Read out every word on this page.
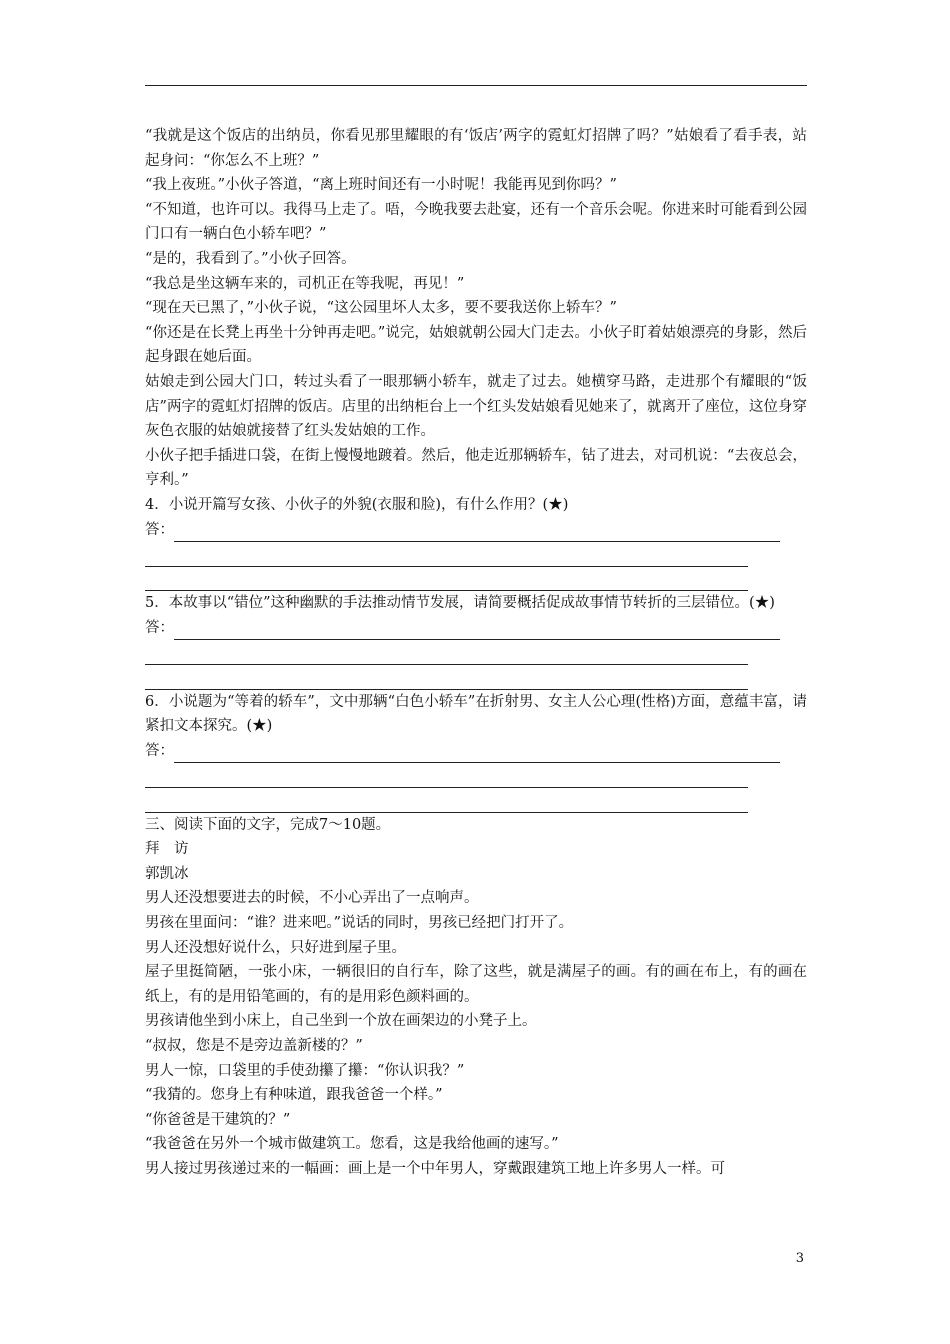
“我就是这个饭店的出纳员，你看见那里耀眼的有‘饭店’两字的霓虹灯招牌了吗？”姑娘看了看手表，站起身问：“你怎么不上班？”

“我上夜班。”小伙子答道，“离上班时间还有一小时呢！我能再见到你吗？”

“不知道，也许可以。我得马上走了。唔，今晚我要去赴宴，还有一个音乐会呢。你进来时可能看到公园门口有一辆白色小轿车吧？”

“是的，我看到了。”小伙子回答。

“我总是坐这辆车来的，司机正在等我呢，再见！”

“现在天已黑了，”小伙子说，“这公园里坏人太多，要不要我送你上轿车？”

“你还是在长凳上再坐十分钟再走吧。”说完，姑娘就朝公园大门走去。小伙子盯着姑娘漂亮的身影，然后起身跟在她后面。

姑娘走到公园大门口，转过头看了一眼那辆小轿车，就走了过去。她横穿马路，走进那个有耀眼的“饭店”两字的霓虹灯招牌的饭店。店里的出纳柜台上一个红头发姑娘看见她来了，就离开了座位，这位身穿灰色衣服的姑娘就接替了红头发姑娘的工作。

小伙子把手插进口袋，在街上慢慢地踱着。然后，他走近那辆轿车，钻了进去，对司机说：“去夜总会，亨利。”

4．小说开篇写女孩、小伙子的外貌(衣服和脸)，有什么作用？(★)

答：

5．本故事以“错位”这种幽默的手法推动情节发展，请简要概括促成故事情节转折的三层错位。(★)

答：

6．小说题为“等着的轿车”，文中那辆“白色小轿车”在折射男、女主人公心理(性格)方面，意蕴丰富，请紧扣文本探究。(★)

答：

三、阅读下面的文字，完成7～10题。

拜　访

郭凯冰

男人还没想要进去的时候，不小心弄出了一点响声。

男孩在里面问：“谁？进来吧。”说话的同时，男孩已经把门打开了。

男人还没想好说什么，只好进到屋子里。

屋子里挺简陋，一张小床，一辆很旧的自行车，除了这些，就是满屋子的画。有的画在布上，有的画在纸上，有的是用铅笔画的，有的是用彩色颜料画的。

男孩请他坐到小床上，自己坐到一个放在画架边的小凳子上。

“叔叔，您是不是旁边盖新楼的？”

男人一惊，口袋里的手使劲攥了攥：“你认识我？”

“我猜的。您身上有种味道，跟我爸爸一个样。”

“你爸爸是干建筑的？”

“我爸爸在另外一个城市做建筑工。您看，这是我给他画的速写。”

男人接过男孩递过来的一幅画：画上是一个中年男人，穿戴跟建筑工地上许多男人一样。可

3
